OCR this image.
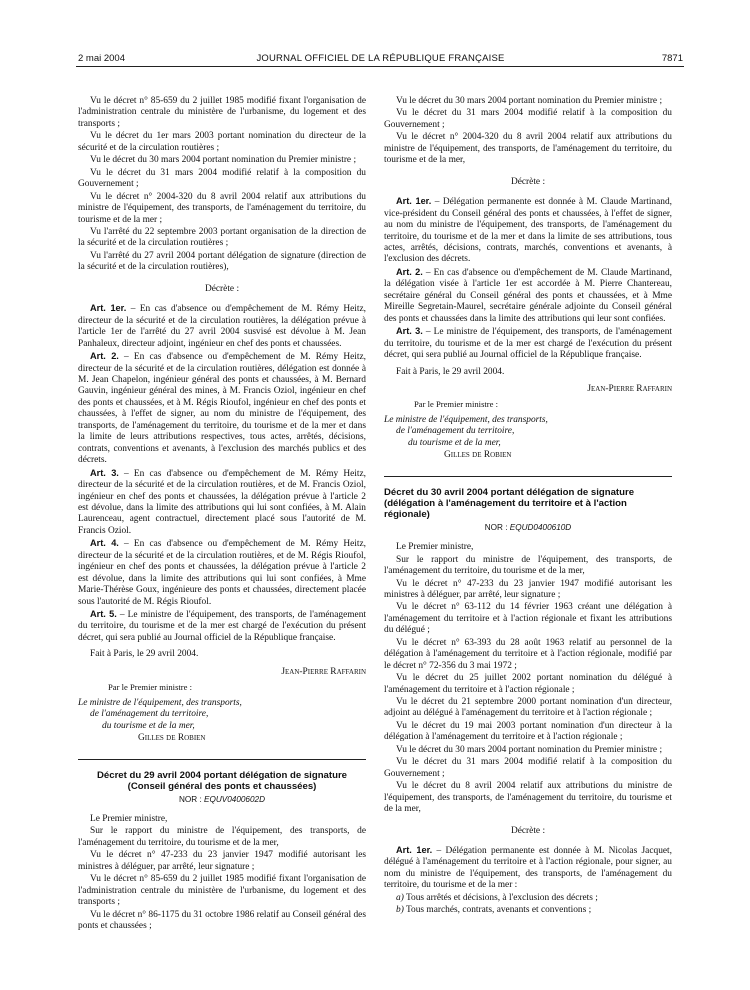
2 mai 2004	JOURNAL OFFICIEL DE LA RÉPUBLIQUE FRANÇAISE	7871

Vu le décret n° 85-659 du 2 juillet 1985 modifié fixant l'organisation de l'administration centrale du ministère de l'urbanisme, du logement et des transports ;

Vu le décret du 1er mars 2003 portant nomination du directeur de la sécurité et de la circulation routières ;

Vu le décret du 30 mars 2004 portant nomination du Premier ministre ;

Vu le décret du 31 mars 2004 modifié relatif à la composition du Gouvernement ;

Vu le décret n° 2004-320 du 8 avril 2004 relatif aux attributions du ministre de l'équipement, des transports, de l'aménagement du territoire, du tourisme et de la mer ;

Vu l'arrêté du 22 septembre 2003 portant organisation de la direction de la sécurité et de la circulation routières ;

Vu l'arrêté du 27 avril 2004 portant délégation de signature (direction de la sécurité et de la circulation routières),

Décrète :

Art. 1er. – En cas d'absence ou d'empêchement de M. Rémy Heitz, directeur de la sécurité et de la circulation routières, la délégation prévue à l'article 1er de l'arrêté du 27 avril 2004 susvisé est dévolue à M. Jean Panhaleux, directeur adjoint, ingénieur en chef des ponts et chaussées.

Art. 2. – En cas d'absence ou d'empêchement de M. Rémy Heitz, directeur de la sécurité et de la circulation routières, délégation est donnée à M. Jean Chapelon, ingénieur général des ponts et chaussées, à M. Bernard Gauvin, ingénieur général des mines, à M. Francis Oziol, ingénieur en chef des ponts et chaussées, et à M. Régis Rioufol, ingénieur en chef des ponts et chaussées, à l'effet de signer, au nom du ministre de l'équipement, des transports, de l'aménagement du territoire, du tourisme et de la mer et dans la limite de leurs attributions respectives, tous actes, arrêtés, décisions, contrats, conventions et avenants, à l'exclusion des marchés publics et des décrets.

Art. 3. – En cas d'absence ou d'empêchement de M. Rémy Heitz, directeur de la sécurité et de la circulation routières, et de M. Francis Oziol, ingénieur en chef des ponts et chaussées, la délégation prévue à l'article 2 est dévolue, dans la limite des attributions qui lui sont confiées, à M. Alain Laurenceau, agent contractuel, directement placé sous l'autorité de M. Francis Oziol.

Art. 4. – En cas d'absence ou d'empêchement de M. Rémy Heitz, directeur de la sécurité et de la circulation routières, et de M. Régis Rioufol, ingénieur en chef des ponts et chaussées, la délégation prévue à l'article 2 est dévolue, dans la limite des attributions qui lui sont confiées, à Mme Marie-Thérèse Goux, ingénieure des ponts et chaussées, directement placée sous l'autorité de M. Régis Rioufol.

Art. 5. – Le ministre de l'équipement, des transports, de l'aménagement du territoire, du tourisme et de la mer est chargé de l'exécution du présent décret, qui sera publié au Journal officiel de la République française.

Fait à Paris, le 29 avril 2004.

Jean-Pierre Raffarin

Par le Premier ministre :

Le ministre de l'équipement, des transports,
de l'aménagement du territoire,
du tourisme et de la mer,

Gilles de Robien

Décret du 29 avril 2004 portant délégation de signature (Conseil général des ponts et chaussées)

NOR : EQUV0400602D

Le Premier ministre,

Sur le rapport du ministre de l'équipement, des transports, de l'aménagement du territoire, du tourisme et de la mer,

Vu le décret n° 47-233 du 23 janvier 1947 modifié autorisant les ministres à déléguer, par arrêté, leur signature ;

Vu le décret n° 85-659 du 2 juillet 1985 modifié fixant l'organisation de l'administration centrale du ministère de l'urbanisme, du logement et des transports ;

Vu le décret n° 86-1175 du 31 octobre 1986 relatif au Conseil général des ponts et chaussées ;

Vu le décret du 30 mars 2004 portant nomination du Premier ministre ;

Vu le décret du 31 mars 2004 modifié relatif à la composition du Gouvernement ;

Vu le décret n° 2004-320 du 8 avril 2004 relatif aux attributions du ministre de l'équipement, des transports, de l'aménagement du territoire, du tourisme et de la mer,

Décrète :

Art. 1er. – Délégation permanente est donnée à M. Claude Martinand, vice-président du Conseil général des ponts et chaussées, à l'effet de signer, au nom du ministre de l'équipement, des transports, de l'aménagement du territoire, du tourisme et de la mer et dans la limite de ses attributions, tous actes, arrêtés, décisions, contrats, marchés, conventions et avenants, à l'exclusion des décrets.

Art. 2. – En cas d'absence ou d'empêchement de M. Claude Martinand, la délégation visée à l'article 1er est accordée à M. Pierre Chantereau, secrétaire général du Conseil général des ponts et chaussées, et à Mme Mireille Segretain-Maurel, secrétaire générale adjointe du Conseil général des ponts et chaussées dans la limite des attributions qui leur sont confiées.

Art. 3. – Le ministre de l'équipement, des transports, de l'aménagement du territoire, du tourisme et de la mer est chargé de l'exécution du présent décret, qui sera publié au Journal officiel de la République française.

Fait à Paris, le 29 avril 2004.

Jean-Pierre Raffarin

Par le Premier ministre :

Le ministre de l'équipement, des transports,
de l'aménagement du territoire,
du tourisme et de la mer,

Gilles de Robien

Décret du 30 avril 2004 portant délégation de signature (délégation à l'aménagement du territoire et à l'action régionale)

NOR : EQUD0400610D

Le Premier ministre,

Sur le rapport du ministre de l'équipement, des transports, de l'aménagement du territoire, du tourisme et de la mer,

Vu le décret n° 47-233 du 23 janvier 1947 modifié autorisant les ministres à déléguer, par arrêté, leur signature ;

Vu le décret n° 63-112 du 14 février 1963 créant une délégation à l'aménagement du territoire et à l'action régionale et fixant les attributions du délégué ;

Vu le décret n° 63-393 du 28 août 1963 relatif au personnel de la délégation à l'aménagement du territoire et à l'action régionale, modifié par le décret n° 72-356 du 3 mai 1972 ;

Vu le décret du 25 juillet 2002 portant nomination du délégué à l'aménagement du territoire et à l'action régionale ;

Vu le décret du 21 septembre 2000 portant nomination d'un directeur, adjoint au délégué à l'aménagement du territoire et à l'action régionale ;

Vu le décret du 19 mai 2003 portant nomination d'un directeur à la délégation à l'aménagement du territoire et à l'action régionale ;

Vu le décret du 30 mars 2004 portant nomination du Premier ministre ;

Vu le décret du 31 mars 2004 modifié relatif à la composition du Gouvernement ;

Vu le décret du 8 avril 2004 relatif aux attributions du ministre de l'équipement, des transports, de l'aménagement du territoire, du tourisme et de la mer,

Décrète :

Art. 1er. – Délégation permanente est donnée à M. Nicolas Jacquet, délégué à l'aménagement du territoire et à l'action régionale, pour signer, au nom du ministre de l'équipement, des transports, de l'aménagement du territoire, du tourisme et de la mer :

a) Tous arrêtés et décisions, à l'exclusion des décrets ;

b) Tous marchés, contrats, avenants et conventions ;
